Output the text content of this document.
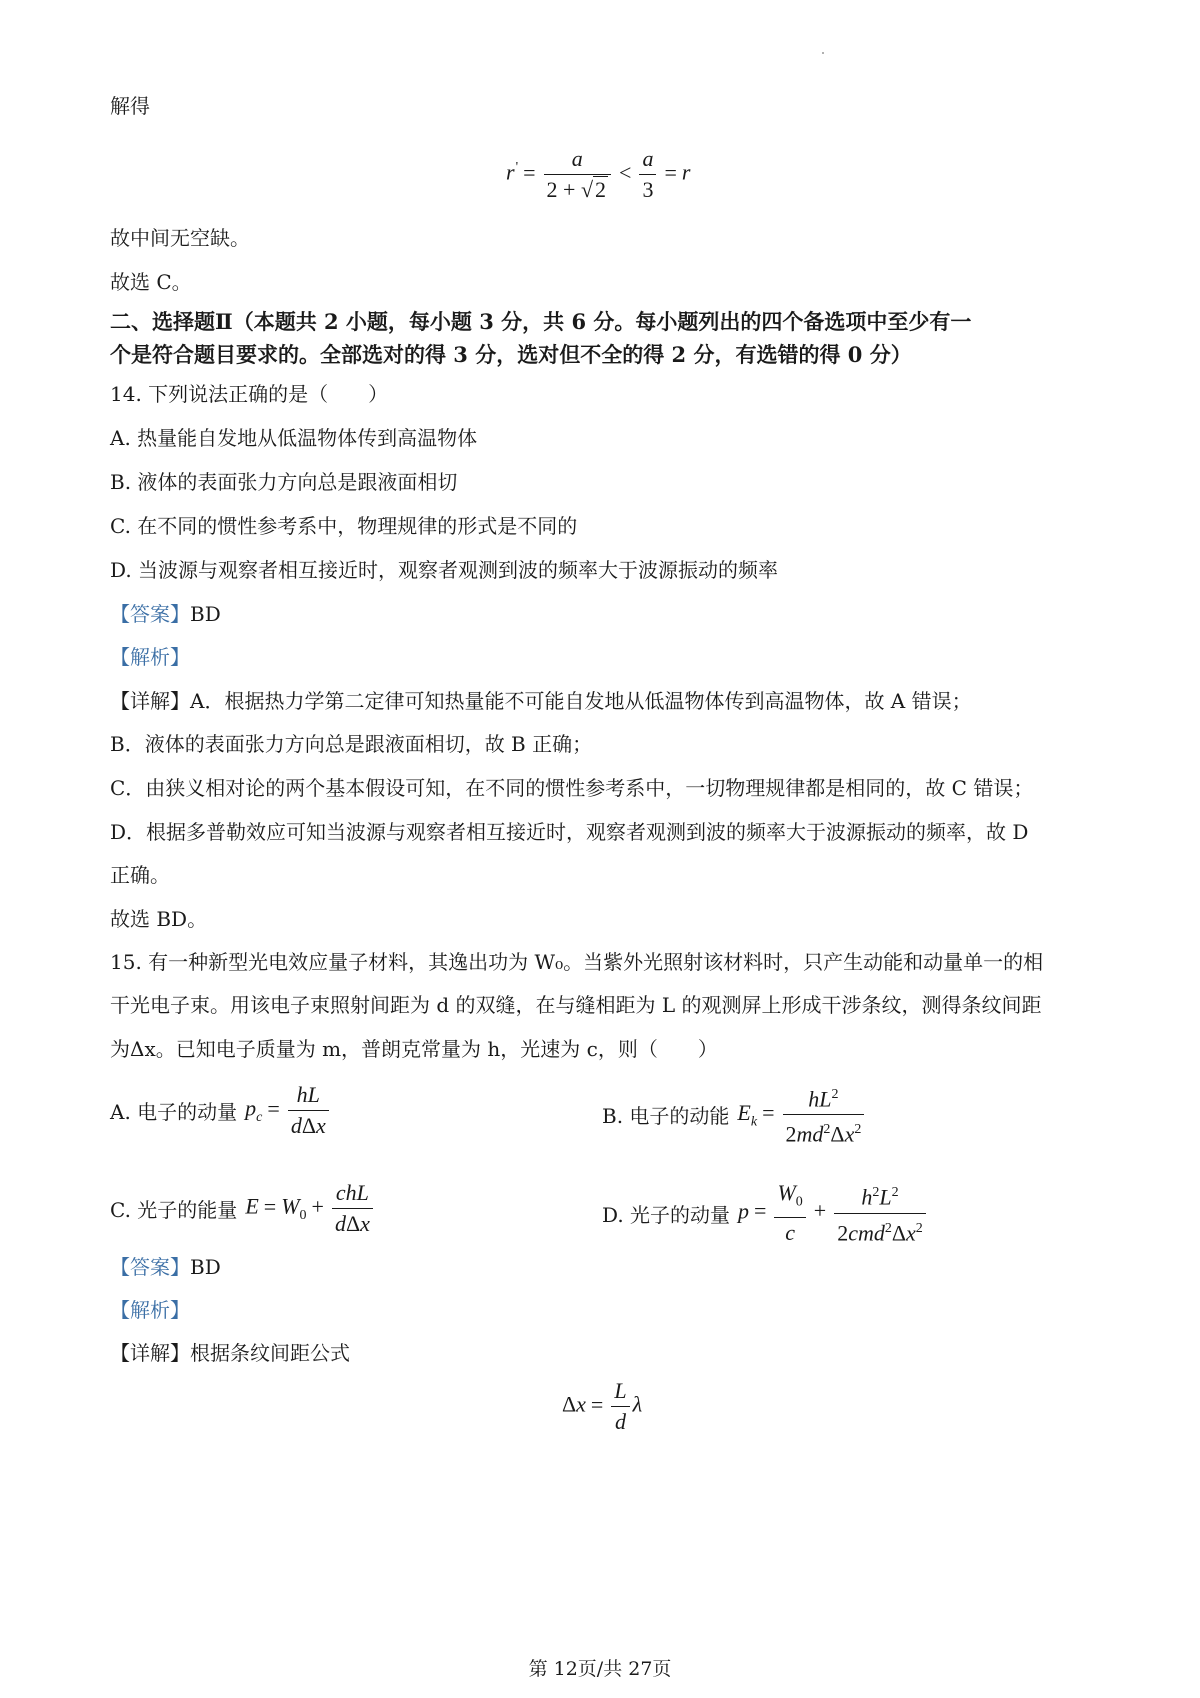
解得
$r' = \frac{a}{2 + √2} < \frac{a}{3} = r$
故中间无空缺。
故选 C。
二、选择题Ⅱ（本题共 2 小题，每小题 3 分，共 6 分。每小题列出的四个备选项中至少有一
个是符合题目要求的。全部选对的得 3 分，选对但不全的得 2 分，有选错的得 0 分）
14. 下列说法正确的是（　　）
A. 热量能自发地从低温物体传到高温物体
B. 液体的表面张力方向总是跟液面相切
C. 在不同的惯性参考系中，物理规律的形式是不同的
D. 当波源与观察者相互接近时，观察者观测到波的频率大于波源振动的频率
【答案】BD
【解析】
【详解】A．根据热力学第二定律可知热量能不可能自发地从低温物体传到高温物体，故 A 错误；
B．液体的表面张力方向总是跟液面相切，故 B 正确；
C．由狭义相对论的两个基本假设可知，在不同的惯性参考系中，一切物理规律都是相同的，故 C 错误；
D．根据多普勒效应可知当波源与观察者相互接近时，观察者观测到波的频率大于波源振动的频率，故 D
正确。
故选 BD。
15. 有一种新型光电效应量子材料，其逸出功为 W₀。当紫外光照射该材料时，只产生动能和动量单一的相
干光电子束。用该电子束照射间距为 d 的双缝，在与缝相距为 L 的观测屏上形成干涉条纹，测得条纹间距
为Δx。已知电子质量为 m，普朗克常量为 h，光速为 c，则（　　）
A. 电子的动量 $p_c = \frac{hL}{\text{dΔx}}$	B. 电子的动能 $E_k = \frac{hL^2}{2md^2\Delta x^2}$
C. 光子的能量 $E = W_0 + \frac{\text{chL}}{\text{dΔx}}$	D. 光子的动量 $p = \frac{W_0}{c} + \frac{h^2L^2}{2cmd^2\Delta x^2}$
【答案】BD
【解析】
【详解】根据条纹间距公式
$\Delta x = \frac{L}{d}$ λ
第 12页/共 27页
